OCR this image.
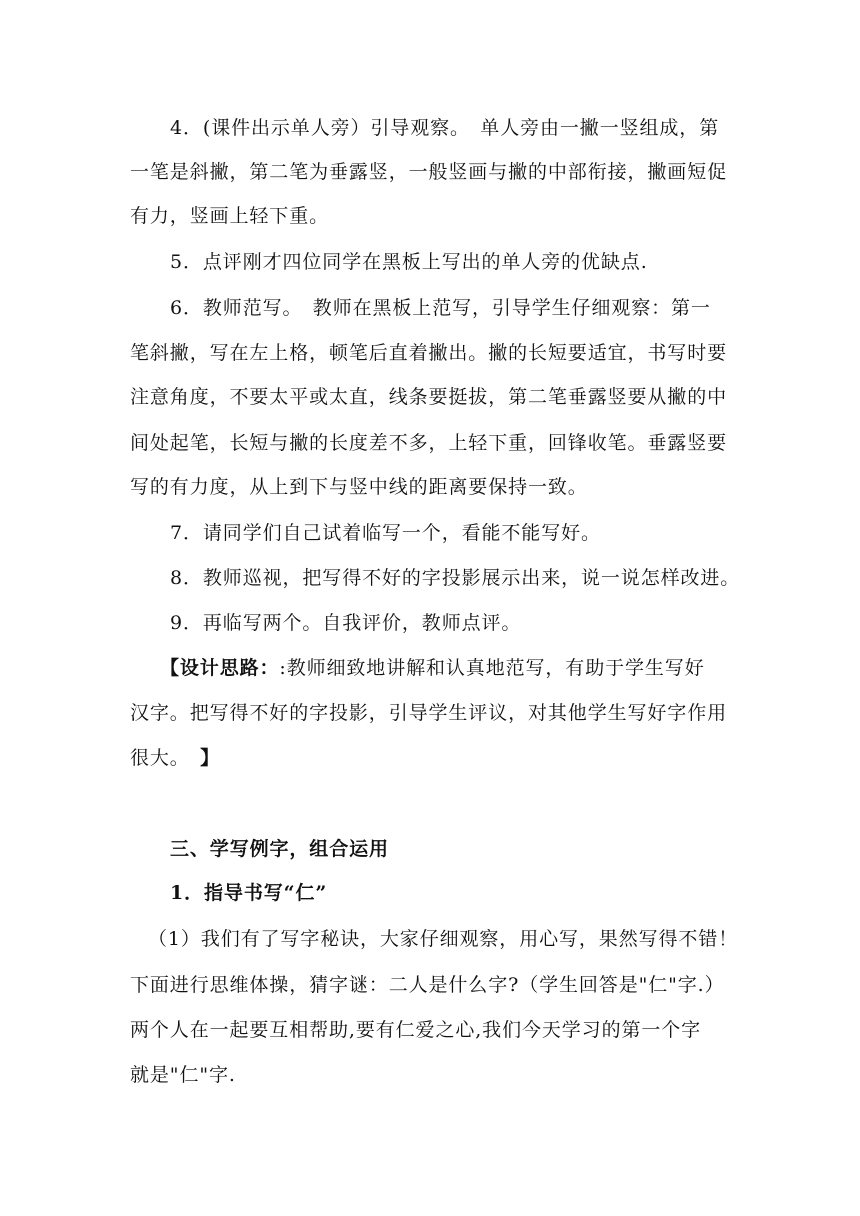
4．(课件出示单人旁）引导观察。　单人旁由一撇一竖组成，第
一笔是斜撇，第二笔为垂露竖，一般竖画与撇的中部衔接，撇画短促
有力，竖画上轻下重。
5．点评刚才四位同学在黑板上写出的单人旁的优缺点.
6．教师范写。　教师在黑板上范写，引导学生仔细观察：第一
笔斜撇，写在左上格，顿笔后直着撇出。撇的长短要适宜，书写时要
注意角度，不要太平或太直，线条要挺拔，第二笔垂露竖要从撇的中
间处起笔，长短与撇的长度差不多，上轻下重，回锋收笔。垂露竖要
写的有力度，从上到下与竖中线的距离要保持一致。
7．请同学们自己试着临写一个，看能不能写好。
8．教师巡视，把写得不好的字投影展示出来，说一说怎样改进。
9．再临写两个。自我评价，教师点评。
【设计思路：:教师细致地讲解和认真地范写，有助于学生写好
汉字。把写得不好的字投影，引导学生评议，对其他学生写好字作用
很大。　 】
三、学写例字，组合运用
1．指导书写“仁”
（1）我们有了写字秘诀，大家仔细观察，用心写，果然写得不错！
下面进行思维体操，猜字谜：二人是什么字?（学生回答是"仁"字.）
两个人在一起要互相帮助,要有仁爱之心,我们今天学习的第一个字
就是"仁"字.
